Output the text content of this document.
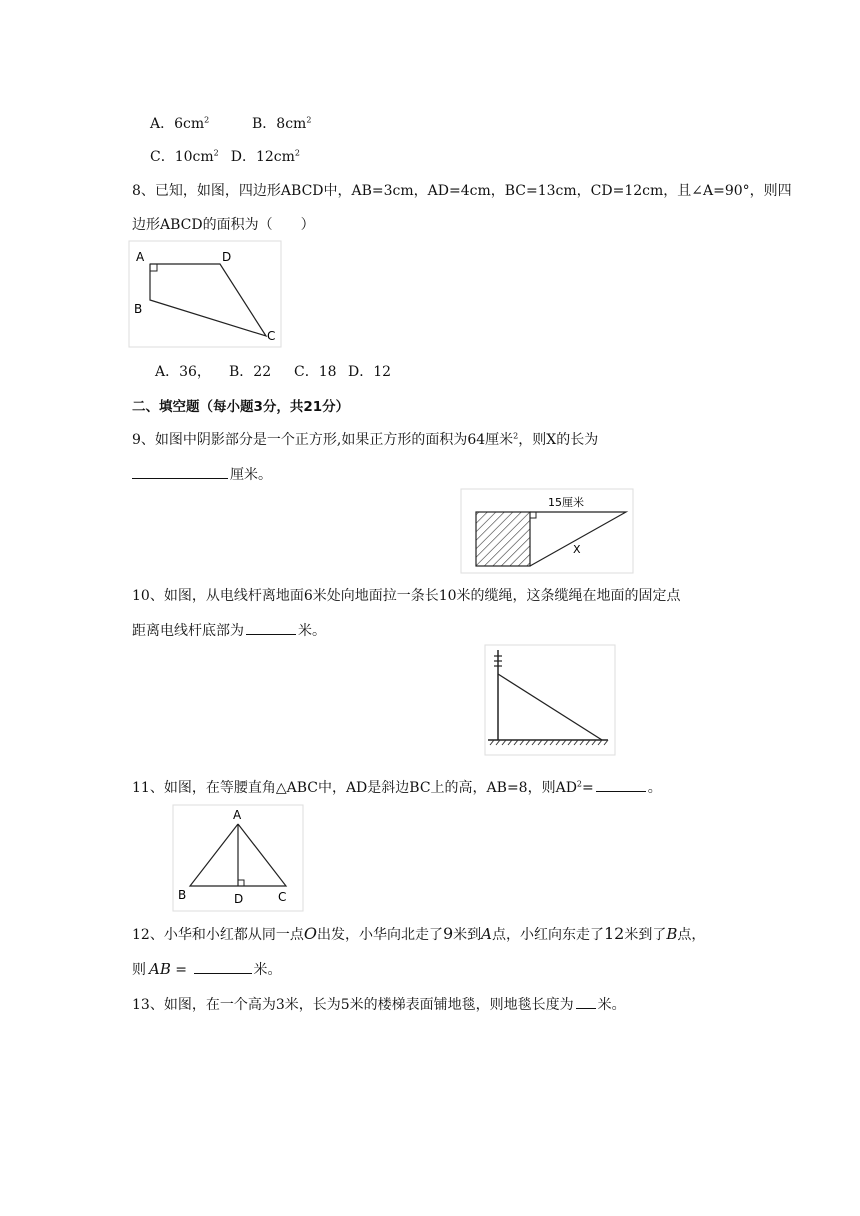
A．$6cm^2$	B．$8cm^2$
C．$10cm^2$ D．$12cm^2$
8、已知，如图，四边形ABCD中，AB=3cm，AD=4cm，BC=13cm，CD=12cm，且∠A=90°，则四
边形ABCD的面积为（　　）
A	D
B
C
A．36， B．22 C．18 D．12
二、填空题（每小题3分，共21分）
9、如图中阴影部分是一个正方形,如果正方形的面积为64厘米$^2$，则X的长为
厘米。
15厘米
X
10、如图，从电线杆离地面6米处向地面拉一条长10米的缆绳，这条缆绳在地面的固定点
距离电线杆底部为	米。
11、如图，在等腰直角△ABC中，AD是斜边BC上的高，AB=8，则$AD^2=$	。
A
B	D	C
12、小华和小红都从同一点O出发，小华向北走了9米到A点，小红向东走了12米到了B点，
则 AB =	米。
13、如图，在一个高为3米，长为5米的楼梯表面铺地毯，则地毯长度为 米。
